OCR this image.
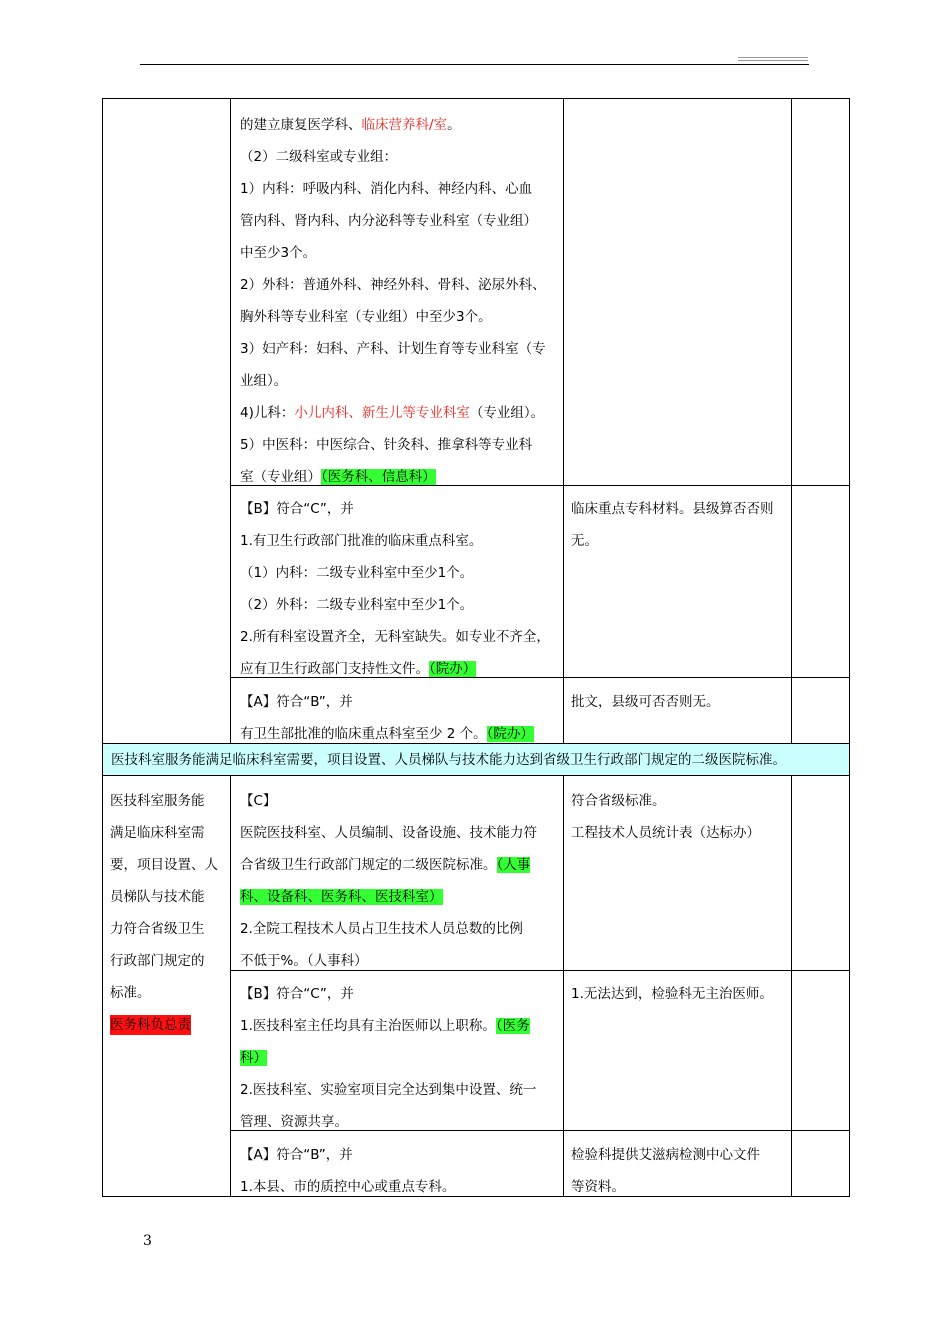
的建立康复医学科、临床营养科/室。
（2）二级科室或专业组：
1）内科：呼吸内科、消化内科、神经内科、心血
管内科、肾内科、内分泌科等专业科室（专业组）
中至少3个。
2）外科：普通外科、神经外科、骨科、泌尿外科、
胸外科等专业科室（专业组）中至少3个。
3）妇产科：妇科、产科、计划生育等专业科室（专
业组）。
4)儿科：小儿内科、新生儿等专业科室（专业组）。
5）中医科：中医综合、针灸科、推拿科等专业科
室（专业组）（医务科、信息科）
【B】符合“C”，并
1.有卫生行政部门批准的临床重点科室。
（1）内科：二级专业科室中至少1个。
（2）外科：二级专业科室中至少1个。
2.所有科室设置齐全，无科室缺失。如专业不齐全，
应有卫生行政部门支持性文件。（院办）
临床重点专科材料。县级算否否则
无。
【A】符合“B”，并
有卫生部批准的临床重点科室至少 2 个。（院办）
批文，县级可否否则无。
医技科室服务能满足临床科室需要，项目设置、人员梯队与技术能力达到省级卫生行政部门规定的二级医院标准。
医技科室服务能
满足临床科室需
要，项目设置、人
员梯队与技术能
力符合省级卫生
行政部门规定的
标准。
医务科负总责
【C】
医院医技科室、人员编制、设备设施、技术能力符
合省级卫生行政部门规定的二级医院标准。（人事
科、设备科、医务科、医技科室）
2.全院工程技术人员占卫生技术人员总数的比例
不低于%。（人事科）
符合省级标准。
工程技术人员统计表（达标办）
【B】符合“C”，并
1.医技科室主任均具有主治医师以上职称。（医务
科）
2.医技科室、实验室项目完全达到集中设置、统一
管理、资源共享。
1.无法达到，检验科无主治医师。
【A】符合“B”，并
1.本县、市的质控中心或重点专科。
检验科提供艾滋病检测中心文件
等资料。
3
